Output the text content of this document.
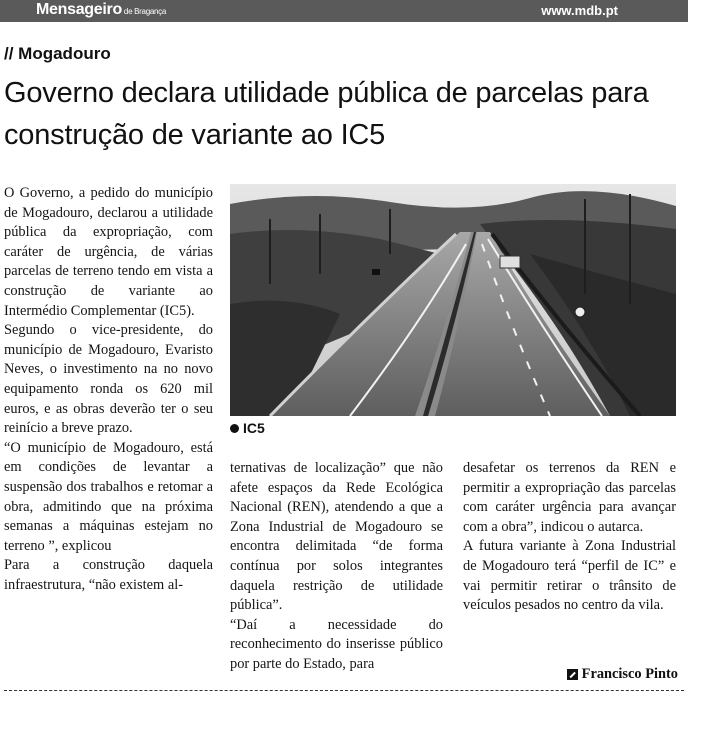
Mensageiro de Bragança	www.mdb.pt
// Mogadouro
Governo declara utilidade pública de parcelas para construção de variante ao IC5

O Governo, a pedido do município de Mogadouro, declarou a utilidade pública da expropriação, com caráter de urgência, de várias parcelas de terreno tendo em vista a construção de variante ao Intermédio Complementar (IC5).

Segundo o vice-presidente, do município de Mogadouro, Evaristo Neves, o investimento na no novo equipamento ronda os 620 mil euros, e as obras deverão ter o seu reinício a breve prazo.

“O município de Mogadouro, está em condições de levantar a suspensão dos trabalhos e retomar a obra, admitindo que na próxima semanas a máquinas estejam no terreno ”, explicou

Para a construção daquela infraestrutura, “não existem al-

IC5

ternativas de localização” que não afete espaços da Rede Ecológica Nacional (REN), atendendo a que a Zona Industrial de Mogadouro se encontra delimitada “de forma contínua por solos integrantes daquela restrição de utilidade pública”.

“Daí a necessidade do reconhecimento do inserisse público por parte do Estado, para

desafetar os terrenos da REN e permitir a expropriação das parcelas com caráter urgência para avançar com a obra”, indicou o autarca.

A futura variante à Zona Industrial de Mogadouro terá “perfil de IC” e vai permitir retirar o trânsito de veículos pesados no centro da vila.

Francisco Pinto
